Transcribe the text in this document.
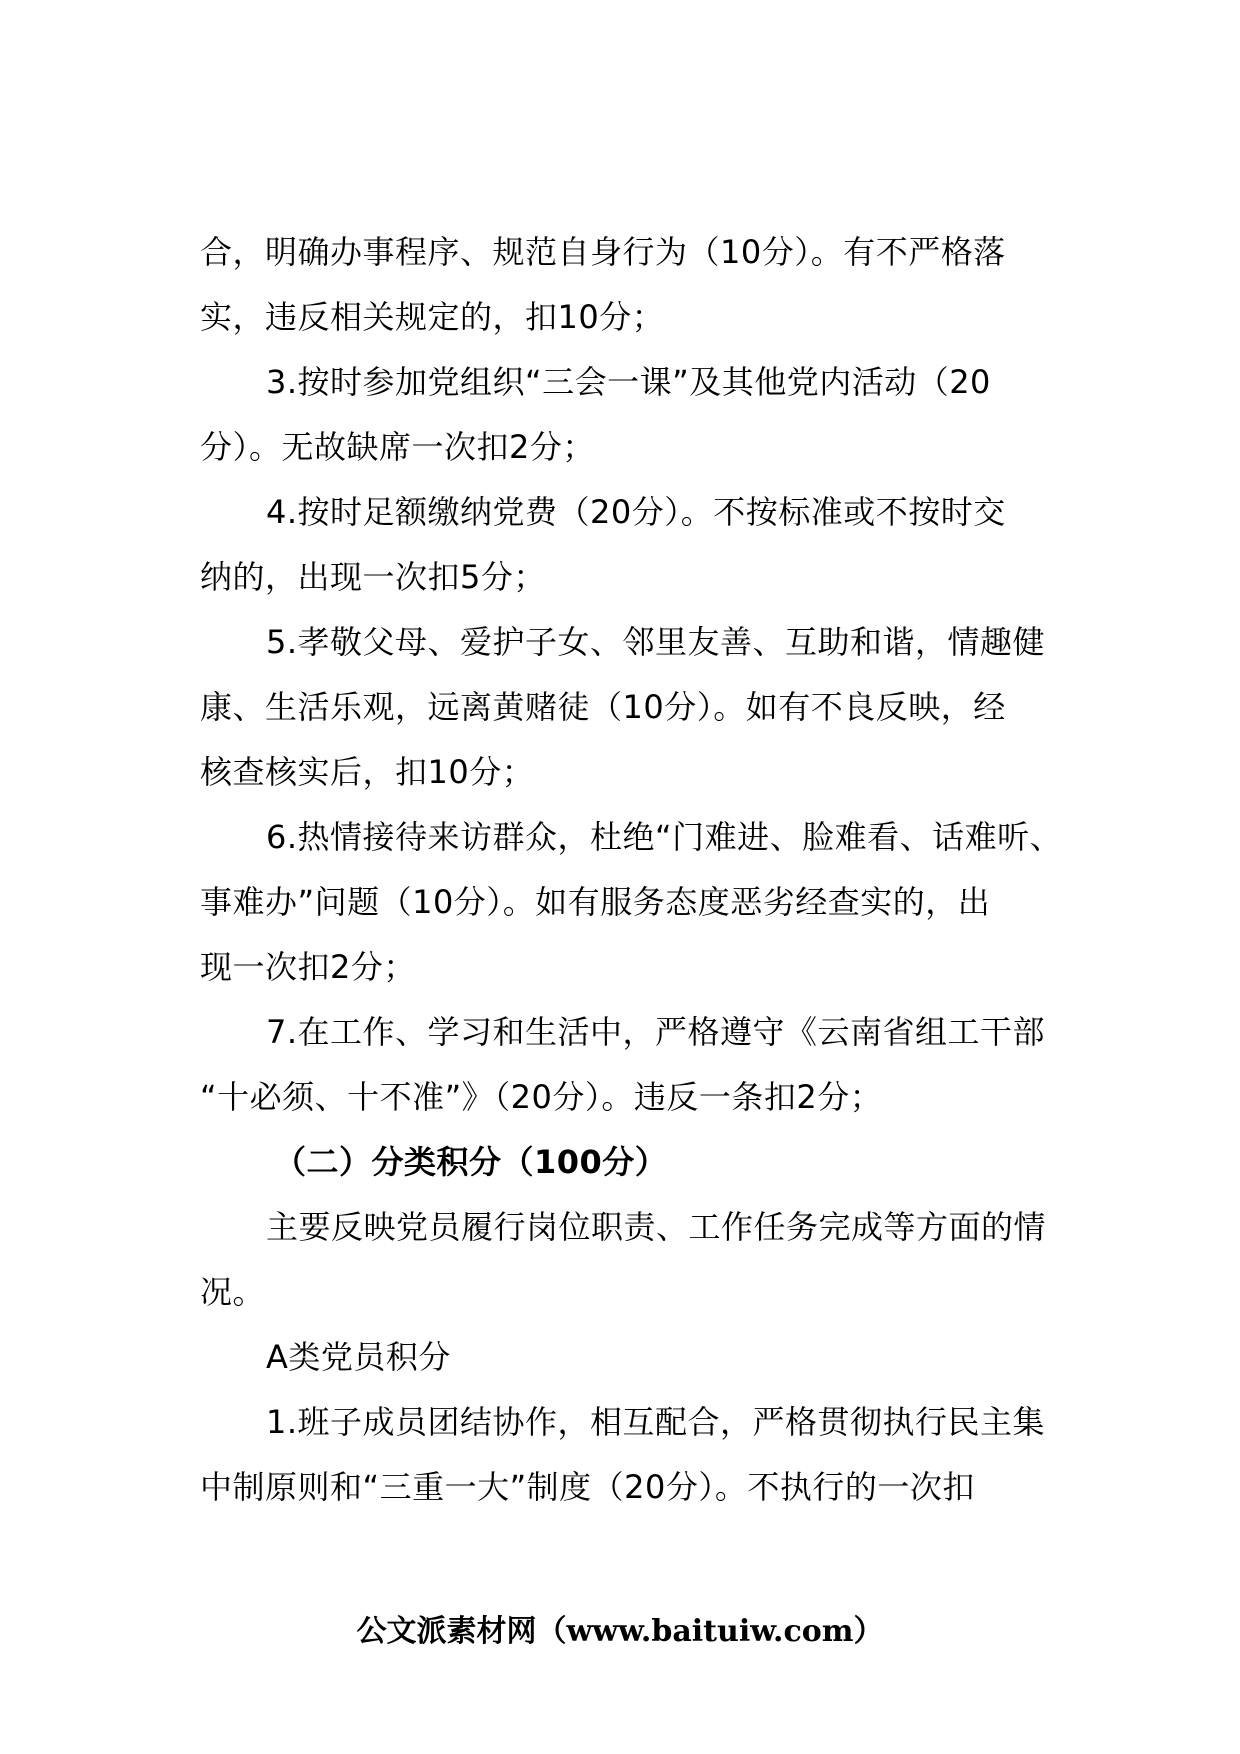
合，明确办事程序、规范自身行为（10分）。有不严格落
实，违反相关规定的，扣10分；
3.按时参加党组织“三会一课”及其他党内活动（20
分）。无故缺席一次扣2分；
4.按时足额缴纳党费（20分）。不按标准或不按时交
纳的，出现一次扣5分；
5.孝敬父母、爱护子女、邻里友善、互助和谐，情趣健
康、生活乐观，远离黄赌徒（10分）。如有不良反映，经
核查核实后，扣10分；
6.热情接待来访群众，杜绝“门难进、脸难看、话难听、
事难办”问题（10分）。如有服务态度恶劣经查实的，出
现一次扣2分；
7.在工作、学习和生活中，严格遵守《云南省组工干部
“十必须、十不准”》（20分）。违反一条扣2分；
（二）分类积分（100分）
主要反映党员履行岗位职责、工作任务完成等方面的情
况。
A类党员积分
1.班子成员团结协作，相互配合，严格贯彻执行民主集
中制原则和“三重一大”制度（20分）。不执行的一次扣
公文派素材网（www.baituiw.com）
